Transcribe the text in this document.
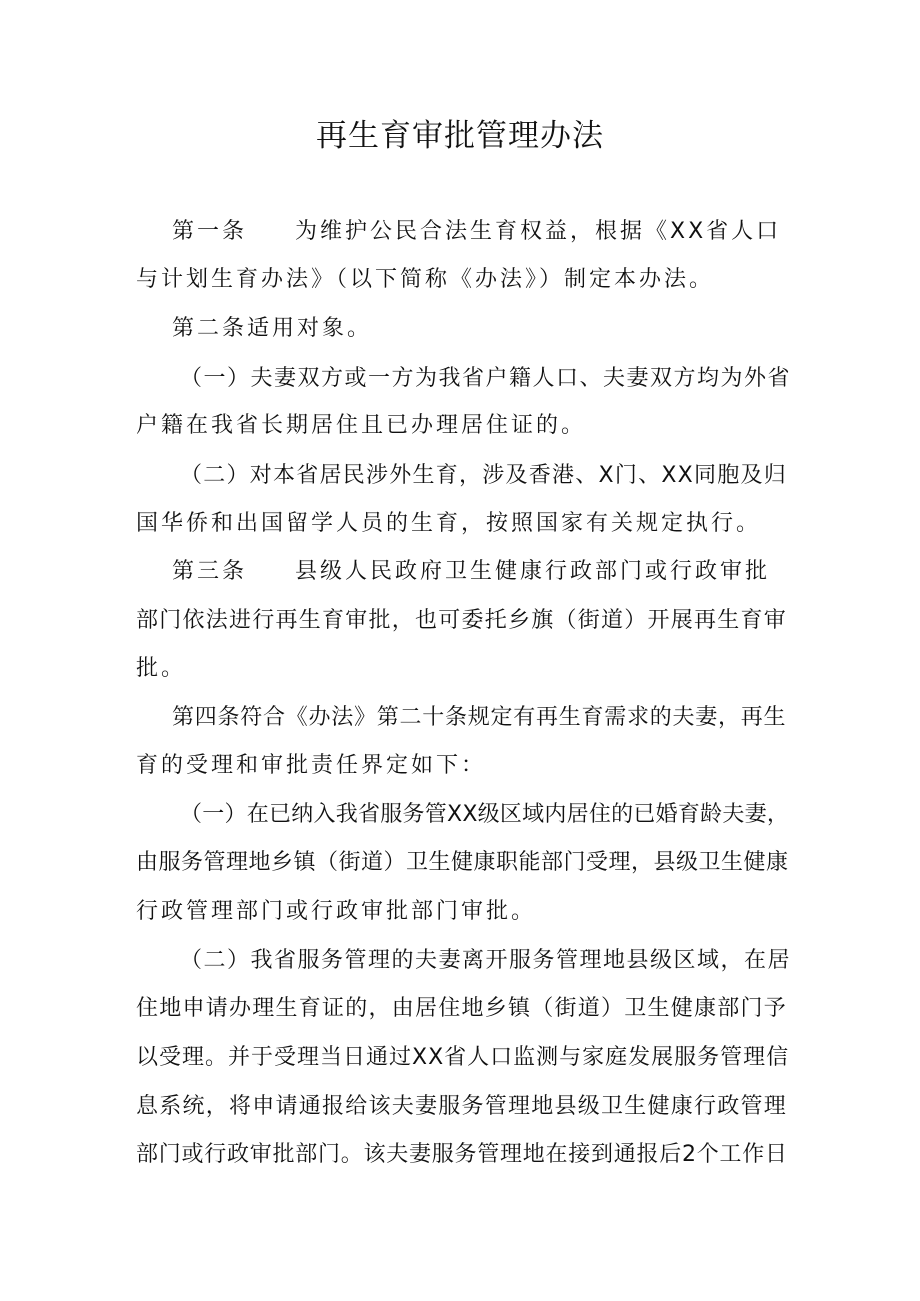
再生育审批管理办法
第一条 为维护公民合法生育权益，根据《XX省人口
与计划生育办法》（以下简称《办法》）制定本办法。
第二条适用对象。
（一）夫妻双方或一方为我省户籍人口、夫妻双方均为外省
户籍在我省长期居住且已办理居住证的。
（二）对本省居民涉外生育，涉及香港、X门、XX同胞及归
国华侨和出国留学人员的生育，按照国家有关规定执行。
第三条 县级人民政府卫生健康行政部门或行政审批
部门依法进行再生育审批，也可委托乡旗（街道）开展再生育审
批。
第四条符合《办法》第二十条规定有再生育需求的夫妻，再生
育的受理和审批责任界定如下：
（一）在已纳入我省服务管XX级区域内居住的已婚育龄夫妻，
由服务管理地乡镇（街道）卫生健康职能部门受理，县级卫生健康
行政管理部门或行政审批部门审批。
（二）我省服务管理的夫妻离开服务管理地县级区域，在居
住地申请办理生育证的，由居住地乡镇（街道）卫生健康部门予
以受理。并于受理当日通过XX省人口监测与家庭发展服务管理信
息系统，将申请通报给该夫妻服务管理地县级卫生健康行政管理
部门或行政审批部门。该夫妻服务管理地在接到通报后2个工作日
